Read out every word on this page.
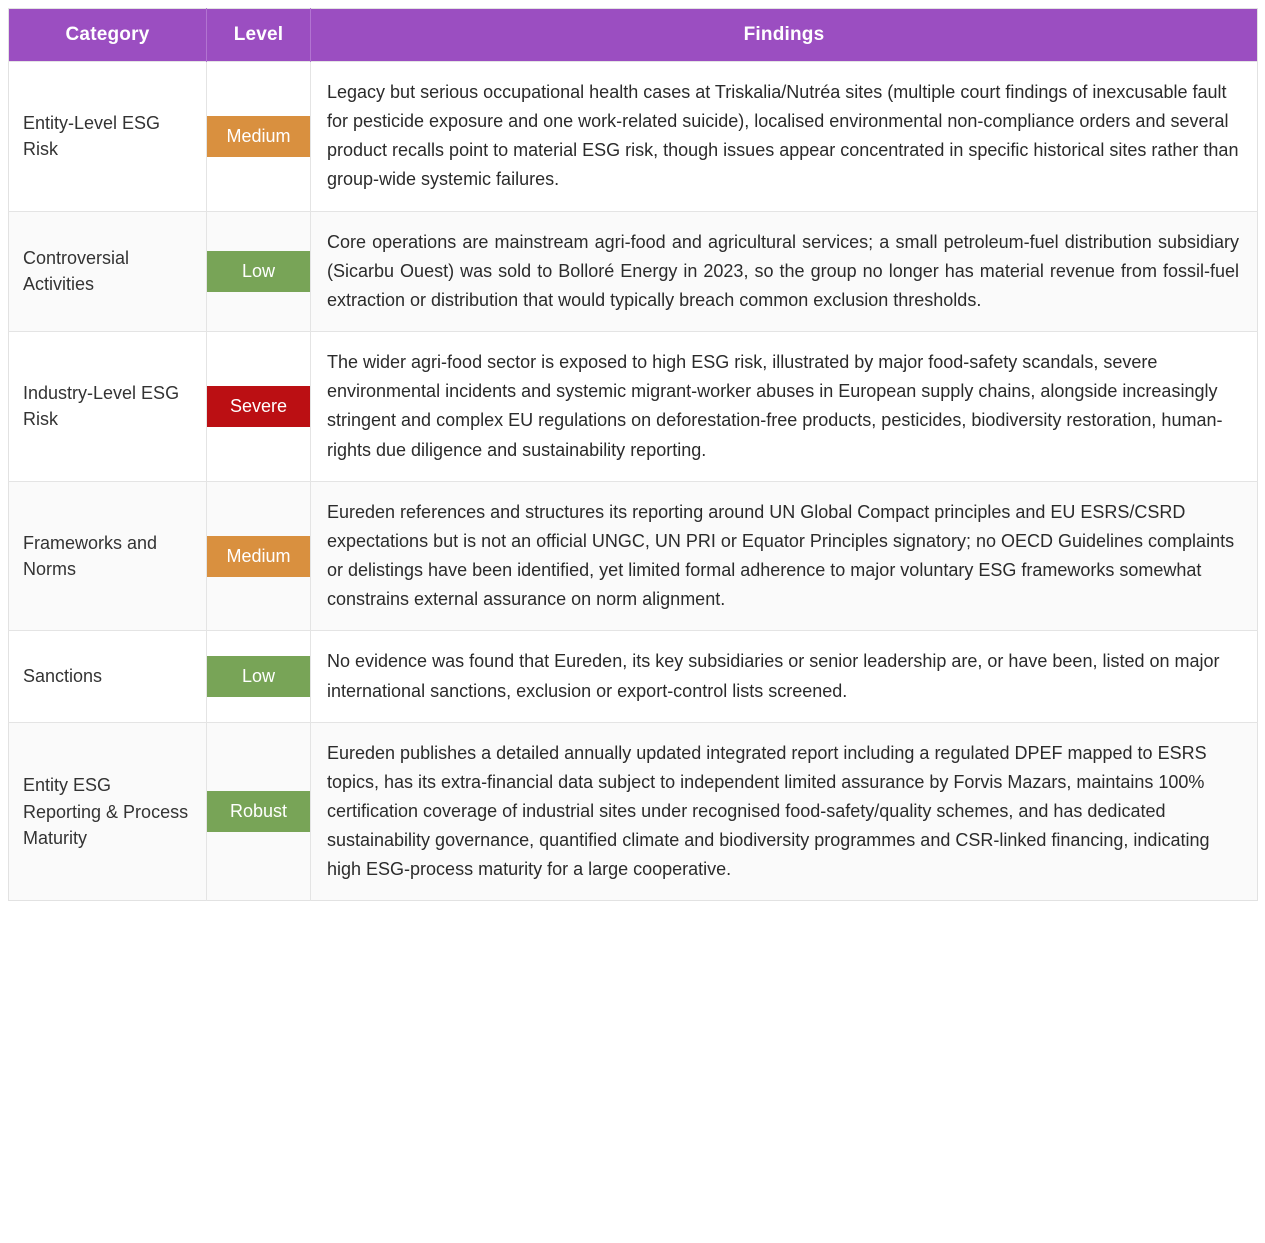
Category	Level	Findings
Entity-Level ESG Risk	Medium	Legacy but serious occupational health cases at Triskalia/Nutréa sites (multiple court findings of inexcusable fault for pesticide exposure and one work-related suicide), localised environmental non-compliance orders and several product recalls point to material ESG risk, though issues appear concentrated in specific historical sites rather than group-wide systemic failures.
Controversial Activities	Low	Core operations are mainstream agri-food and agricultural services; a small petroleum-fuel distribution subsidiary (Sicarbu Ouest) was sold to Bolloré Energy in 2023, so the group no longer has material revenue from fossil-fuel extraction or distribution that would typically breach common exclusion thresholds.
Industry-Level ESG Risk	Severe	The wider agri-food sector is exposed to high ESG risk, illustrated by major food-safety scandals, severe environmental incidents and systemic migrant-worker abuses in European supply chains, alongside increasingly stringent and complex EU regulations on deforestation-free products, pesticides, biodiversity restoration, human-rights due diligence and sustainability reporting.
Frameworks and Norms	Medium	Eureden references and structures its reporting around UN Global Compact principles and EU ESRS/CSRD expectations but is not an official UNGC, UN PRI or Equator Principles signatory; no OECD Guidelines complaints or delistings have been identified, yet limited formal adherence to major voluntary ESG frameworks somewhat constrains external assurance on norm alignment.
Sanctions	Low	No evidence was found that Eureden, its key subsidiaries or senior leadership are, or have been, listed on major international sanctions, exclusion or export-control lists screened.
Entity ESG Reporting & Process Maturity	Robust	Eureden publishes a detailed annually updated integrated report including a regulated DPEF mapped to ESRS topics, has its extra-financial data subject to independent limited assurance by Forvis Mazars, maintains 100% certification coverage of industrial sites under recognised food-safety/quality schemes, and has dedicated sustainability governance, quantified climate and biodiversity programmes and CSR-linked financing, indicating high ESG-process maturity for a large cooperative.
